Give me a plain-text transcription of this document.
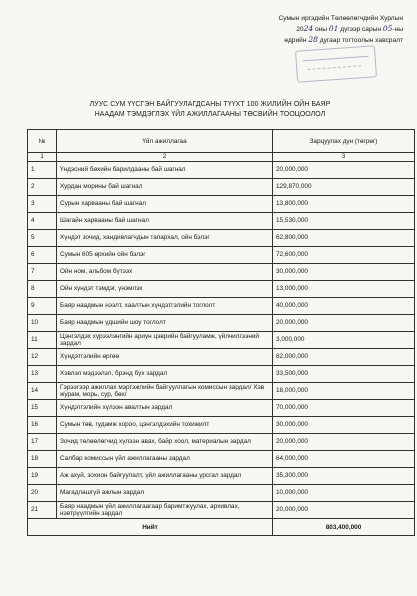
Сумын иргэдийн Төлөөлөгчдийн Хурлын
2024 оны 01 дүгээр сарын 05-ны
өдрийн 28 дугаар тогтоолын хавсралт
ЛУУС СУМ ҮҮСГЭН БАЙГУУЛАГДСАНЫ ТҮҮХТ 100 ЖИЛИЙН ОЙН БАЯР
НААДАМ ТЭМДЭГЛЭХ ҮЙЛ АЖИЛЛАГААНЫ ТӨСВИЙН ТООЦООЛОЛ
№	Үйл ажиллагаа	Зарцуулах дүн (төгрөг)
1	2	3
1	Үндэсний бөхийн барилдааны бай шагнал	20,000,000
2	Хурдан морины бай шагнал	129,870,000
3	Сурын харвааны бай шагнал	13,800,000
4	Шагайн харвааны бай шагнал	15,530,000
5	Хүндэт зочид, хандивлагчдын тапархал, ойн бэлэг	62,800,000
6	Сумын 605 өрхийн ойн бэлэг	72,600,000
7	Ойн ном, альбом бүтээх	30,000,000
8	Ойн хүндэт тэмдэг, үнэмлэх	13,000,000
9	Баяр наадмын нээлт, хаалтын хүндэтгэлийн тоглолт	40,000,000
10	Баяр наадмын үдшийн шоу тоглолт	20,000,000
11	Цэнгэлдэх хүрээлэнгийн ариун цэврийн байгууламж, үйлчилгээний зардал	3,000,000
12	Хүндэтгэлийн өргөө	82,000,000
13	Хэвлэл мэдээлэл, брэнд бүх зардал	33,500,000
14	Гэрээгээр ажиллах мэргэжлийн байгууллагын комиссын зардал/ Хэв журам, морь, сур, бөх/	18,000,000
15	Хүндэтгэлийн хүлээн авалтын зардал	70,000,000
16	Сумын төв, гудамж хороо, цэнгэлдэхийн тохижилт	30,000,000
17	Зочид төлөөлөгчид хүлээн авах, байр хоол, материалын зардал	20,000,000
18	Салбар комиссын үйл ажиллагааны зардал	64,000,000
19	Аж ахуй, зохион байгуулалт, үйл ажиллагааны урсгал зардал	35,300,000
20	Магадлашгүй ажлын зардал	10,000,000
21	Баяр наадмын үйл ажиллагаагаар баримтжуулах, архивлах, нэвтрүүлгийн зардал	20,000,000
Нийт		803,400,000
